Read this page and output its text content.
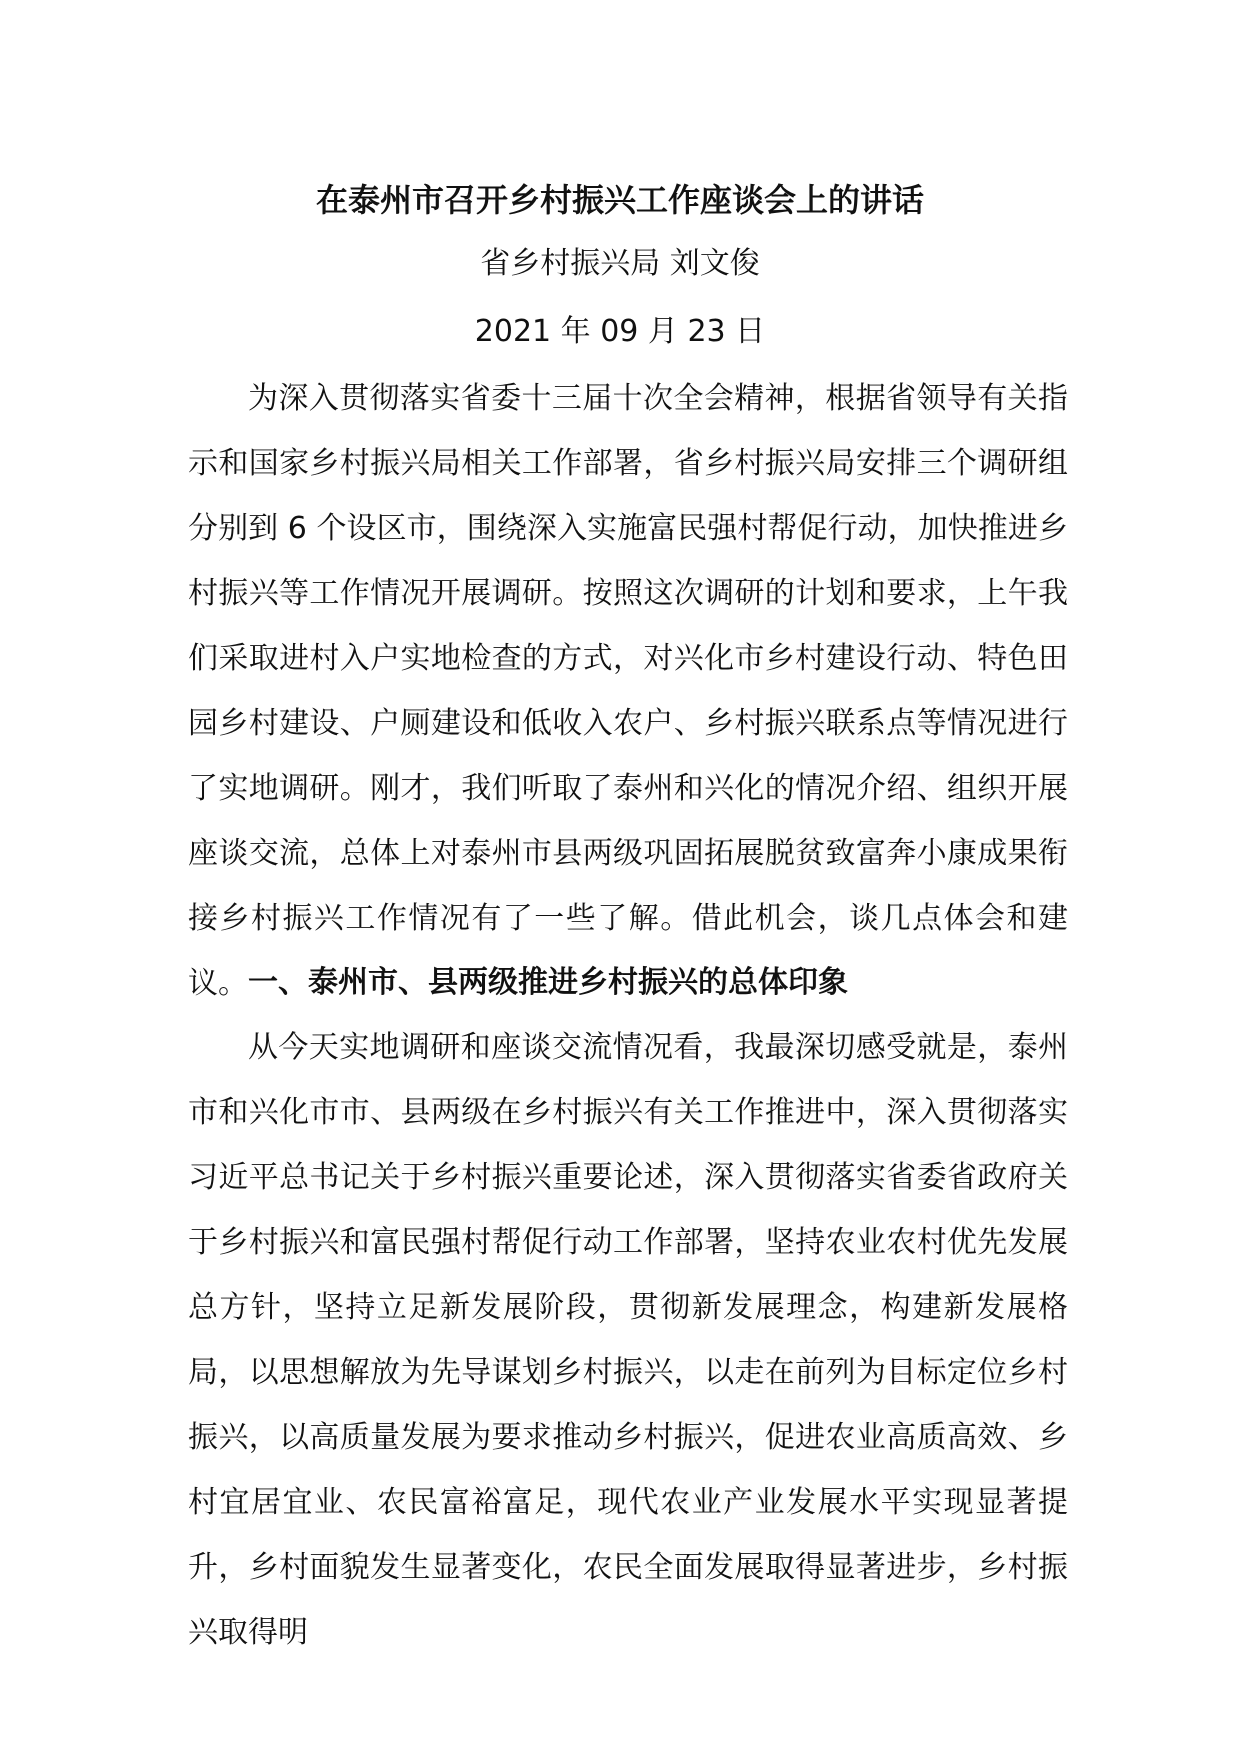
在泰州市召开乡村振兴工作座谈会上的讲话
省乡村振兴局 刘文俊
2021 年 09 月 23 日

为深入贯彻落实省委十三届十次全会精神，根据省领导有关指示和国家乡村振兴局相关工作部署，省乡村振兴局安排三个调研组分别到 6 个设区市，围绕深入实施富民强村帮促行动，加快推进乡村振兴等工作情况开展调研。按照这次调研的计划和要求，上午我们采取进村入户实地检查的方式，对兴化市乡村建设行动、特色田园乡村建设、户厕建设和低收入农户、乡村振兴联系点等情况进行了实地调研。刚才，我们听取了泰州和兴化的情况介绍、组织开展座谈交流，总体上对泰州市县两级巩固拓展脱贫致富奔小康成果衔接乡村振兴工作情况有了一些了解。借此机会，谈几点体会和建议。 一、泰州市、县两级推进乡村振兴的总体印象

从今天实地调研和座谈交流情况看，我最深切感受就是，泰州市和兴化市市、县两级在乡村振兴有关工作推进中，深入贯彻落实习近平总书记关于乡村振兴重要论述，深入贯彻落实省委省政府关于乡村振兴和富民强村帮促行动工作部署，坚持农业农村优先发展总方针，坚持立足新发展阶段，贯彻新发展理念，构建新发展格局，以思想解放为先导谋划乡村振兴，以走在前列为目标定位乡村振兴，以高质量发展为要求推动乡村振兴，促进农业高质高效、乡村宜居宜业、农民富裕富足，现代农业产业发展水平实现显著提升，乡村面貌发生显著变化，农民全面发展取得显著进步，乡村振兴取得明
